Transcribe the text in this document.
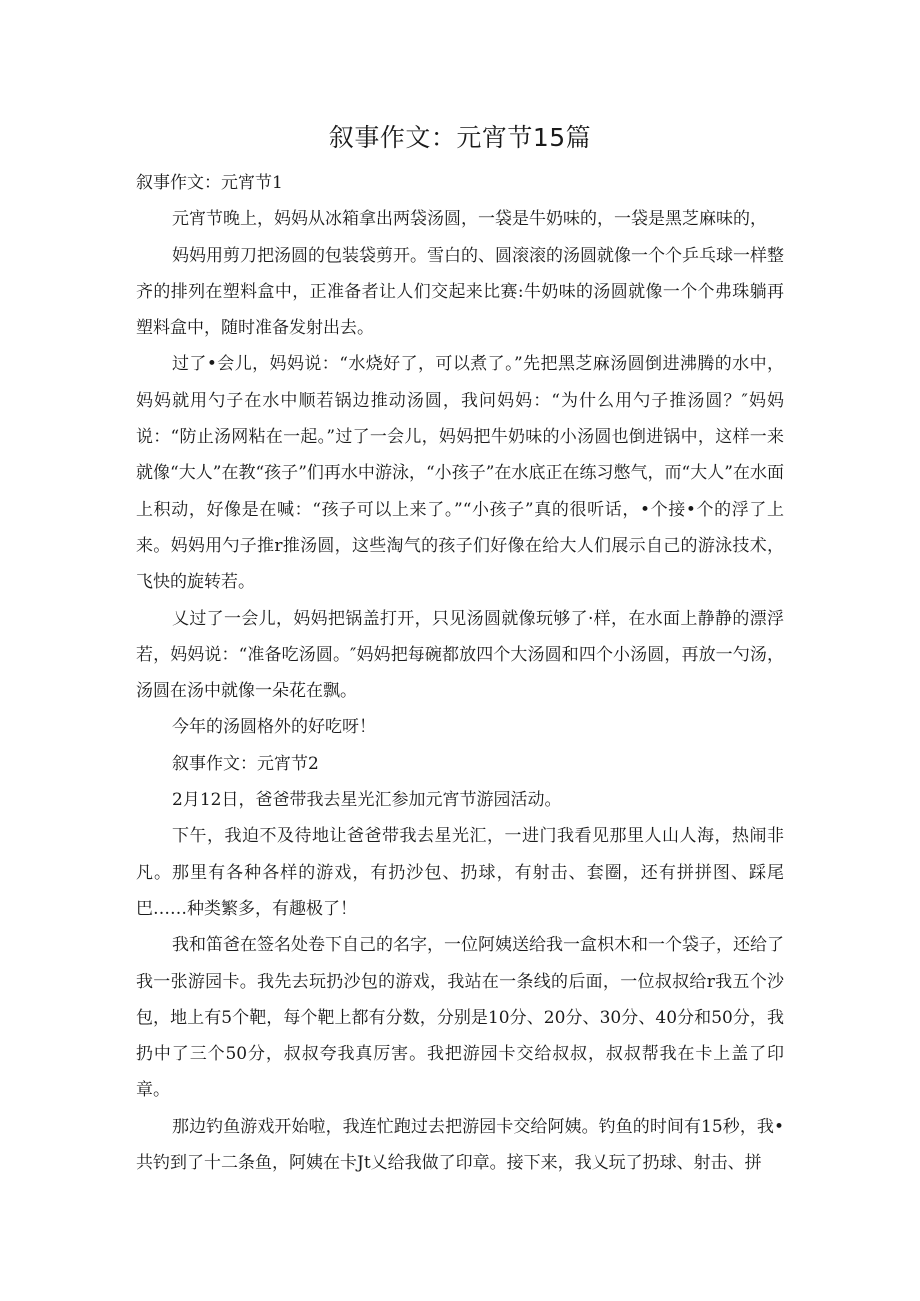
叙事作文：元宵节15篇

叙事作文：元宵节1

元宵节晚上，妈妈从冰箱拿出两袋汤圆，一袋是牛奶味的，一袋是黑芝麻味的，

妈妈用剪刀把汤圆的包装袋剪开。雪白的、圆滚滚的汤圆就像一个个乒乓球一样整齐的排列在塑料盒中，正准备者让人们交起来比赛:牛奶味的汤圆就像一个个弗珠躺再塑料盒中，随时准备发射出去。

过了•会儿，妈妈说：“水烧好了，可以煮了。”先把黑芝麻汤圆倒进沸腾的水中，妈妈就用勺子在水中顺若锅边推动汤圆，我问妈妈：“为什么用勺子推汤圆？″妈妈说：“防止汤网粘在一起。”过了一会儿，妈妈把牛奶味的小汤圆也倒进锅中，这样一来就像“大人”在教“孩子”们再水中游泳，“小孩子”在水底正在练习憋气，而“大人”在水面上积动，好像是在喊：“孩子可以上来了。”“小孩子”真的很听话，•个接•个的浮了上来。妈妈用勺子推r推汤圆，这些淘气的孩子们好像在给大人们展示自己的游泳技术，飞快的旋转若。

乂过了一会儿，妈妈把锅盖打开，只见汤圆就像玩够了·样，在水面上静静的漂浮若，妈妈说：“准备吃汤圆。″妈妈把每碗都放四个大汤圆和四个小汤圆，再放一勺汤，汤圆在汤中就像一朵花在飘。

今年的汤圆格外的好吃呀！

叙事作文：元宵节2

2月12日，爸爸带我去星光汇参加元宵节游园活动。

下午，我迫不及待地让爸爸带我去星光汇，一进门我看见那里人山人海，热闹非凡。那里有各种各样的游戏，有扔沙包、扔球，有射击、套圈，还有拼拼图、踩尾巴……种类繁多，有趣极了！

我和笛爸在签名处卷下自己的名字，一位阿姨送给我一盒枳木和一个袋子，还给了我一张游园卡。我先去玩扔沙包的游戏，我站在一条线的后面，一位叔叔给r我五个沙包，地上有5个靶，每个靶上都有分数，分别是10分、20分、30分、40分和50分，我扔中了三个50分，叔叔夸我真厉害。我把游园卡交给叔叔，叔叔帮我在卡上盖了印章。

那边钓鱼游戏开始啦，我连忙跑过去把游园卡交给阿姨。钓鱼的时间有15秒，我•共钓到了十二条鱼，阿姨在卡Jt乂给我做了印章。接下来，我乂玩了扔球、射击、拼
